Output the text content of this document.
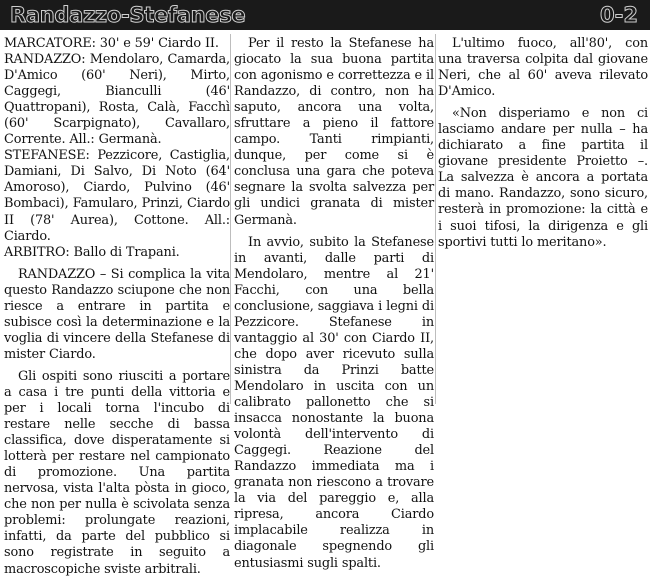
Randazzo-Stefanese	0-2

MARCATORE: 30' e 59' Ciardo II.

RANDAZZO: Mendolaro, Camarda, D'Amico (60' Neri), Mirto, Caggegi, Bianculli (46' Quattropani), Rosta, Calà, Facchì (60' Scarpignato), Cavallaro, Corrente. All.: Germanà.

STEFANESE: Pezzicore, Castiglia, Damiani, Di Salvo, Di Noto (64' Amoroso), Ciardo, Pulvino (46' Bombaci), Famularo, Prinzi, Ciardo II (78' Aurea), Cottone. All.: Ciardo.

ARBITRO: Ballo di Trapani.

RANDAZZO – Si complica la vita questo Randazzo sciupone che non riesce a entrare in partita e subisce così la determinazione e la voglia di vincere della Stefanese di mister Ciardo.

Gli ospiti sono riusciti a portare a casa i tre punti della vittoria e per i locali torna l'incubo di restare nelle secche di bassa classifica, dove disperatamente si lotterà per restare nel campionato di promozione. Una partita nervosa, vista l'alta pòsta in gioco, che non per nulla è scivolata senza problemi: prolungate reazioni, infatti, da parte del pubblico si sono registrate in seguito a macroscopiche sviste arbitrali.

Per il resto la Stefanese ha giocato la sua buona partita con agonismo e correttezza e il Randazzo, di contro, non ha saputo, ancora una volta, sfruttare a pieno il fattore campo. Tanti rimpianti, dunque, per come si è conclusa una gara che poteva segnare la svolta salvezza per gli undici granata di mister Germanà.

In avvio, subito la Stefanese in avanti, dalle parti di Mendolaro, mentre al 21' Facchi, con una bella conclusione, saggiava i legni di Pezzicore. Stefanese in vantaggio al 30' con Ciardo II, che dopo aver ricevuto sulla sinistra da Prinzi batte Mendolaro in uscita con un calibrato pallonetto che si insacca nonostante la buona volontà dell'intervento di Caggegi. Reazione del Randazzo immediata ma i granata non riescono a trovare la via del pareggio e, alla ripresa, ancora Ciardo implacabile realizza in diagonale spegnendo gli entusiasmi sugli spalti.

L'ultimo fuoco, all'80', con una traversa colpita dal giovane Neri, che al 60' aveva rilevato D'Amico.

«Non disperiamo e non ci lasciamo andare per nulla – ha dichiarato a fine partita il giovane presidente Proietto –. La salvezza è ancora a portata di mano. Randazzo, sono sicuro, resterà in promozione: la città e i suoi tifosi, la dirigenza e gli sportivi tutti lo meritano».
